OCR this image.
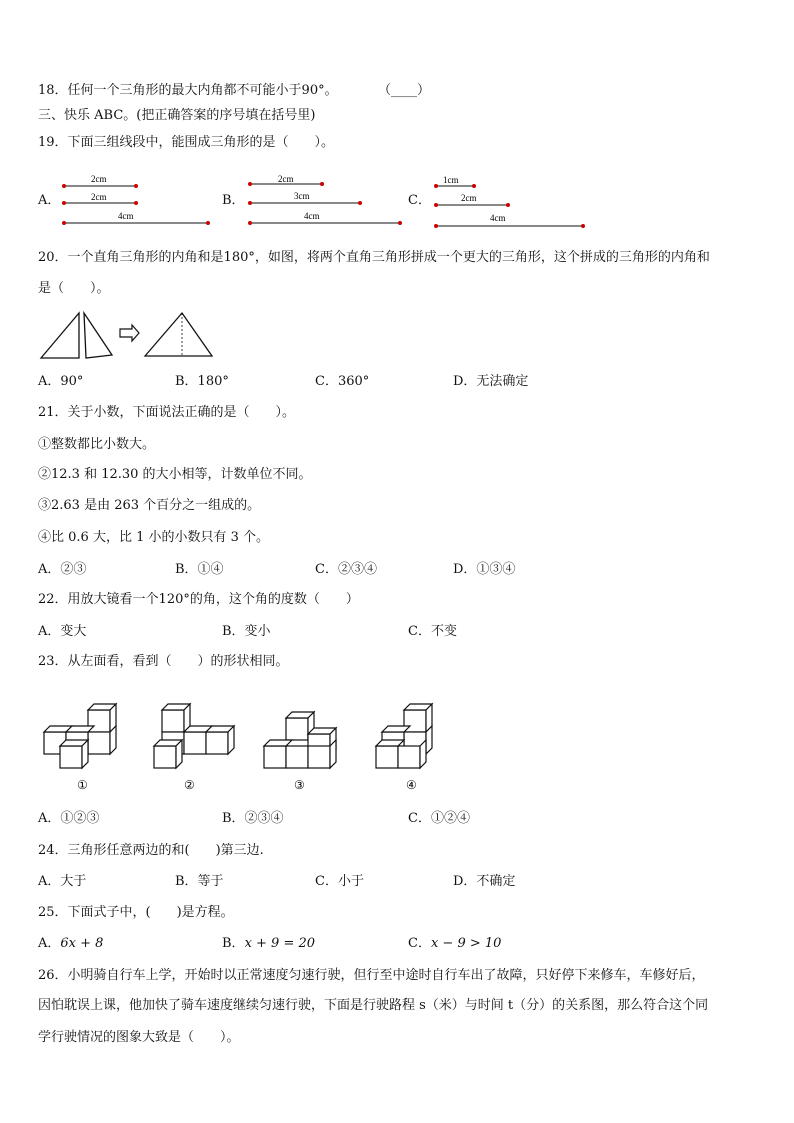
18．任何一个三角形的最大内角都不可能小于90°。	（____）
三、快乐 ABC。(把正确答案的序号填在括号里)
19．下面三组线段中，能围成三角形的是（　　）。
A．
2cm
2cm
4cm
B．
2cm
3cm
4cm
C．
1cm
2cm
4cm
20．一个直角三角形的内角和是180°，如图，将两个直角三角形拼成一个更大的三角形，这个拼成的三角形的内角和
是（　　）。
A．90°	B．180°	C．360°	D．无法确定
21．关于小数，下面说法正确的是（　　）。
①整数都比小数大。
②12.3 和 12.30 的大小相等，计数单位不同。
③2.63 是由 263 个百分之一组成的。
④比 0.6 大，比 1 小的小数只有 3 个。
A．②③	B．①④	C．②③④	D．①③④
22．用放大镜看一个120°的角，这个角的度数（　　）
A．变大	B．变小	C．不变
23．从左面看，看到（　　）的形状相同。
①	②	③	④
A．①②③	B．②③④	C．①②④
24．三角形任意两边的和(　　)第三边.
A．大于	B．等于	C．小于	D．不确定
25．下面式子中，(　　)是方程。
A．6x + 8	B．x + 9 = 20	C．x − 9 > 10
26．小明骑自行车上学，开始时以正常速度匀速行驶，但行至中途时自行车出了故障，只好停下来修车，车修好后，
因怕耽误上课，他加快了骑车速度继续匀速行驶，下面是行驶路程 s（米）与时间 t（分）的关系图，那么符合这个同
学行驶情况的图象大致是（　　）。
